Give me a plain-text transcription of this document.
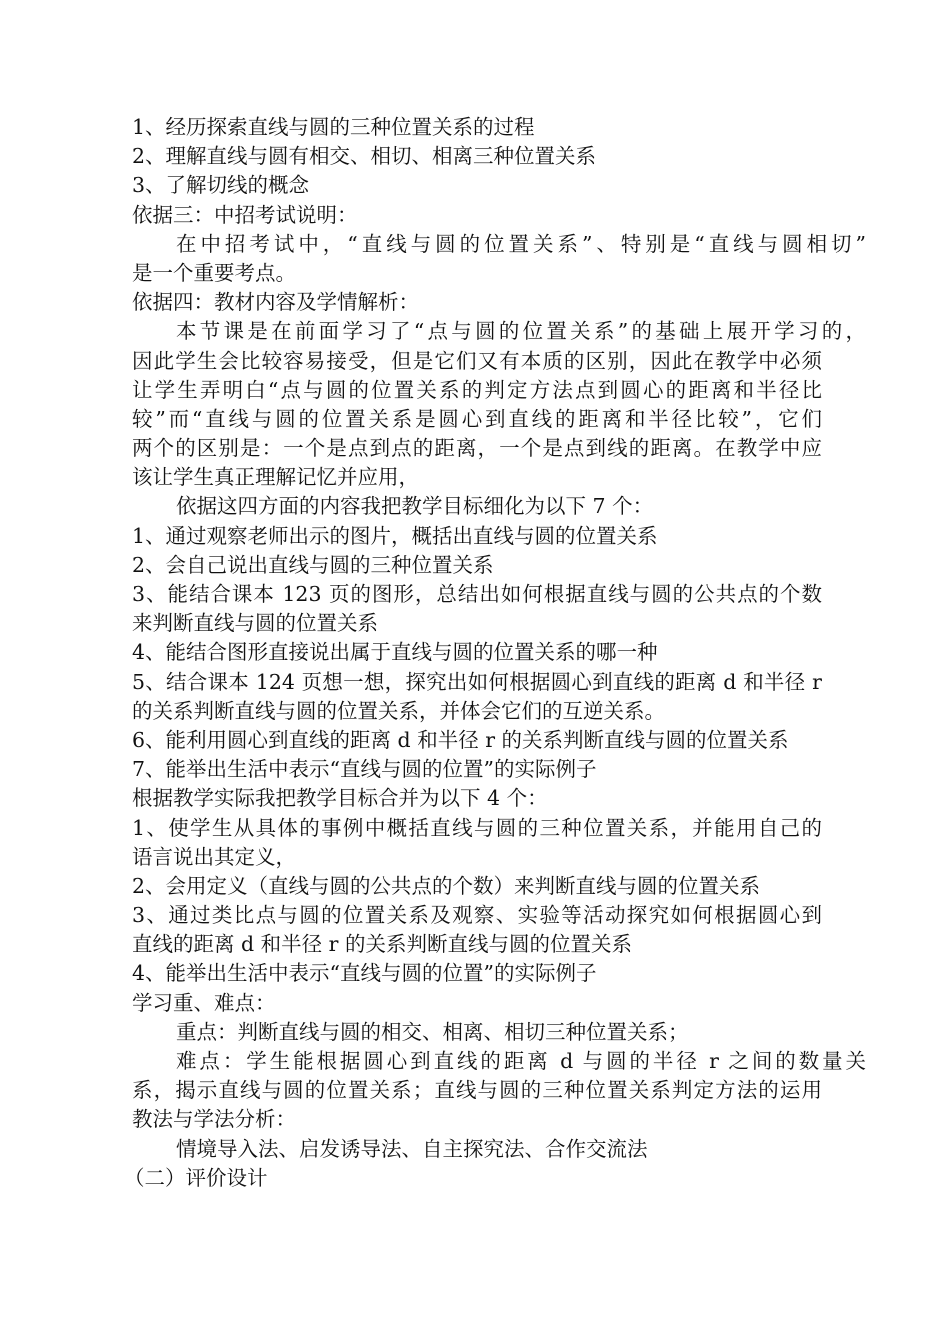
1、经历探索直线与圆的三种位置关系的过程
2、理解直线与圆有相交、相切、相离三种位置关系
3、了解切线的概念
依据三：中招考试说明：
在中招考试中，“直线与圆的位置关系”、特别是“直线与圆相切”
是一个重要考点。
依据四：教材内容及学情解析：
本节课是在前面学习了“点与圆的位置关系”的基础上展开学习的，
因此学生会比较容易接受，但是它们又有本质的区别，因此在教学中必须
让学生弄明白“点与圆的位置关系的判定方法点到圆心的距离和半径比
较”而“直线与圆的位置关系是圆心到直线的距离和半径比较”，它们
两个的区别是：一个是点到点的距离，一个是点到线的距离。在教学中应
该让学生真正理解记忆并应用，
依据这四方面的内容我把教学目标细化为以下 7 个：
1、通过观察老师出示的图片，概括出直线与圆的位置关系
2、会自己说出直线与圆的三种位置关系
3、能结合课本 123 页的图形，总结出如何根据直线与圆的公共点的个数
来判断直线与圆的位置关系
4、能结合图形直接说出属于直线与圆的位置关系的哪一种
5、结合课本 124 页想一想，探究出如何根据圆心到直线的距离 d 和半径 r
的关系判断直线与圆的位置关系，并体会它们的互逆关系。
6、能利用圆心到直线的距离 d 和半径 r 的关系判断直线与圆的位置关系
7、能举出生活中表示“直线与圆的位置”的实际例子
根据教学实际我把教学目标合并为以下 4 个：
1、使学生从具体的事例中概括直线与圆的三种位置关系，并能用自己的
语言说出其定义，
2、会用定义（直线与圆的公共点的个数）来判断直线与圆的位置关系
3、通过类比点与圆的位置关系及观察、实验等活动探究如何根据圆心到
直线的距离 d 和半径 r 的关系判断直线与圆的位置关系
4、能举出生活中表示“直线与圆的位置”的实际例子
学习重、难点：
重点：判断直线与圆的相交、相离、相切三种位置关系；
难点：学生能根据圆心到直线的距离 d 与圆的半径 r 之间的数量关
系，揭示直线与圆的位置关系；直线与圆的三种位置关系判定方法的运用
教法与学法分析：
情境导入法、启发诱导法、自主探究法、合作交流法
（二）评价设计
